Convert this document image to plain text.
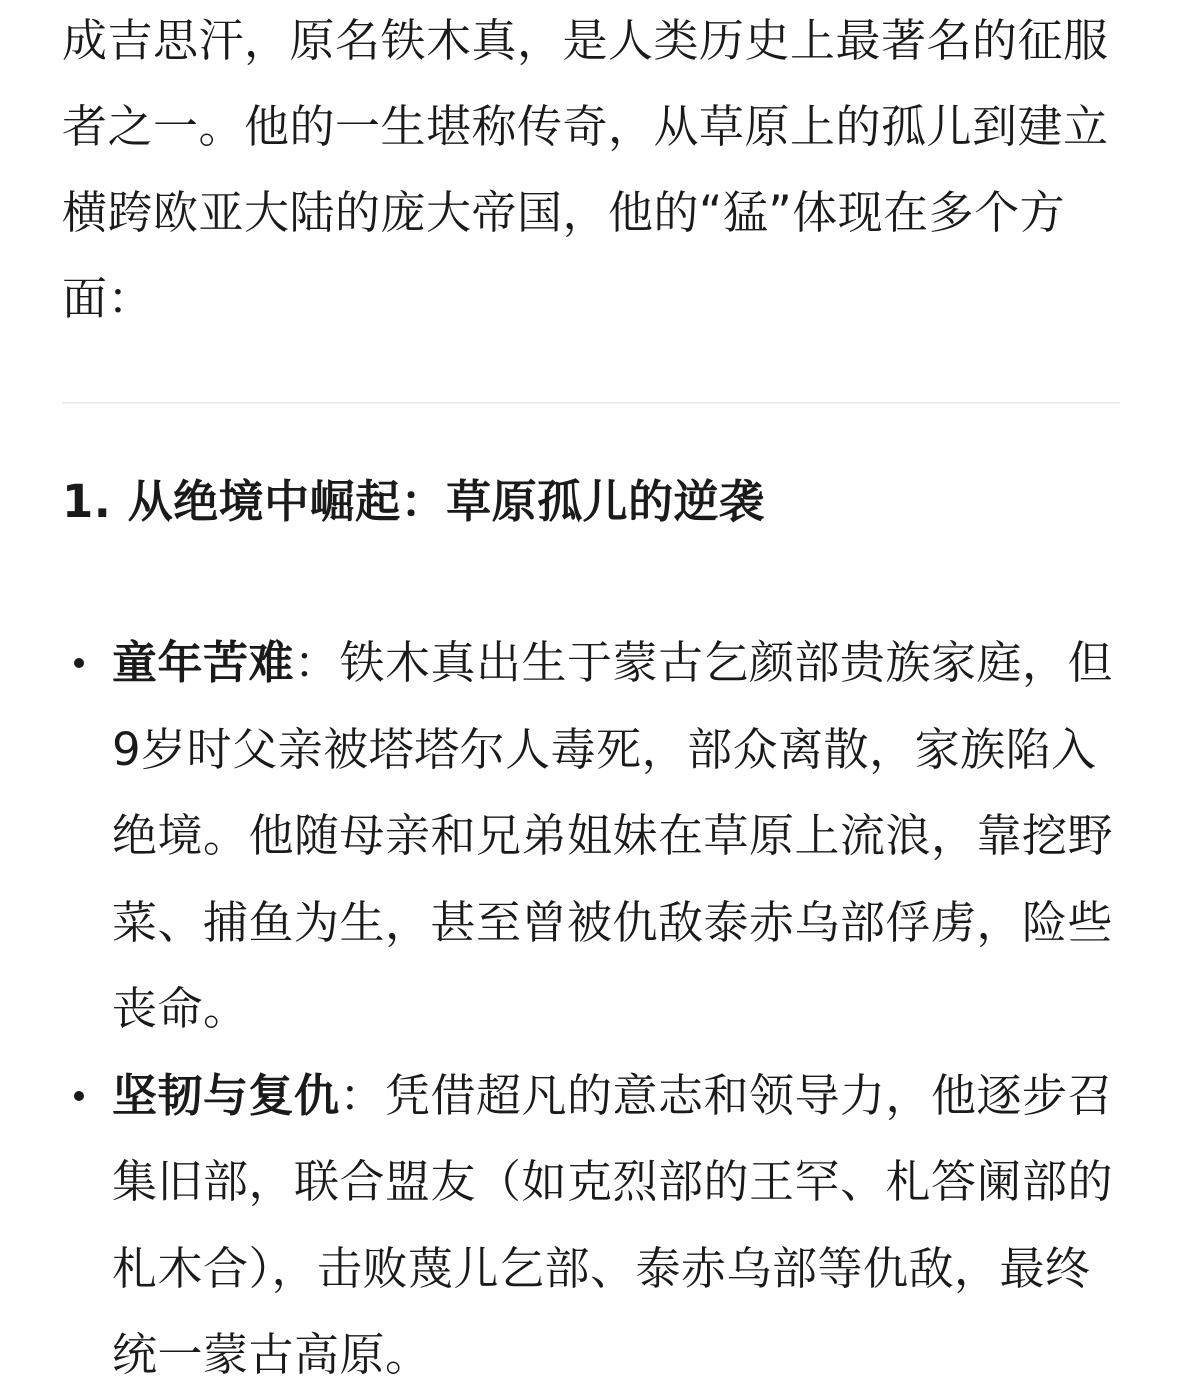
成吉思汗，原名铁木真，是人类历史上最著名的征服者之一。他的一生堪称传奇，从草原上的孤儿到建立横跨欧亚大陆的庞大帝国，他的“猛”体现在多个方面：

1. 从绝境中崛起：草原孤儿的逆袭
童年苦难：铁木真出生于蒙古乞颜部贵族家庭，但9岁时父亲被塔塔尔人毒死，部众离散，家族陷入绝境。他随母亲和兄弟姐妹在草原上流浪，靠挖野菜、捕鱼为生，甚至曾被仇敌泰赤乌部俘虏，险些丧命。
坚韧与复仇：凭借超凡的意志和领导力，他逐步召集旧部，联合盟友（如克烈部的王罕、札答阑部的札木合），击败蔑儿乞部、泰赤乌部等仇敌，最终统一蒙古高原。
